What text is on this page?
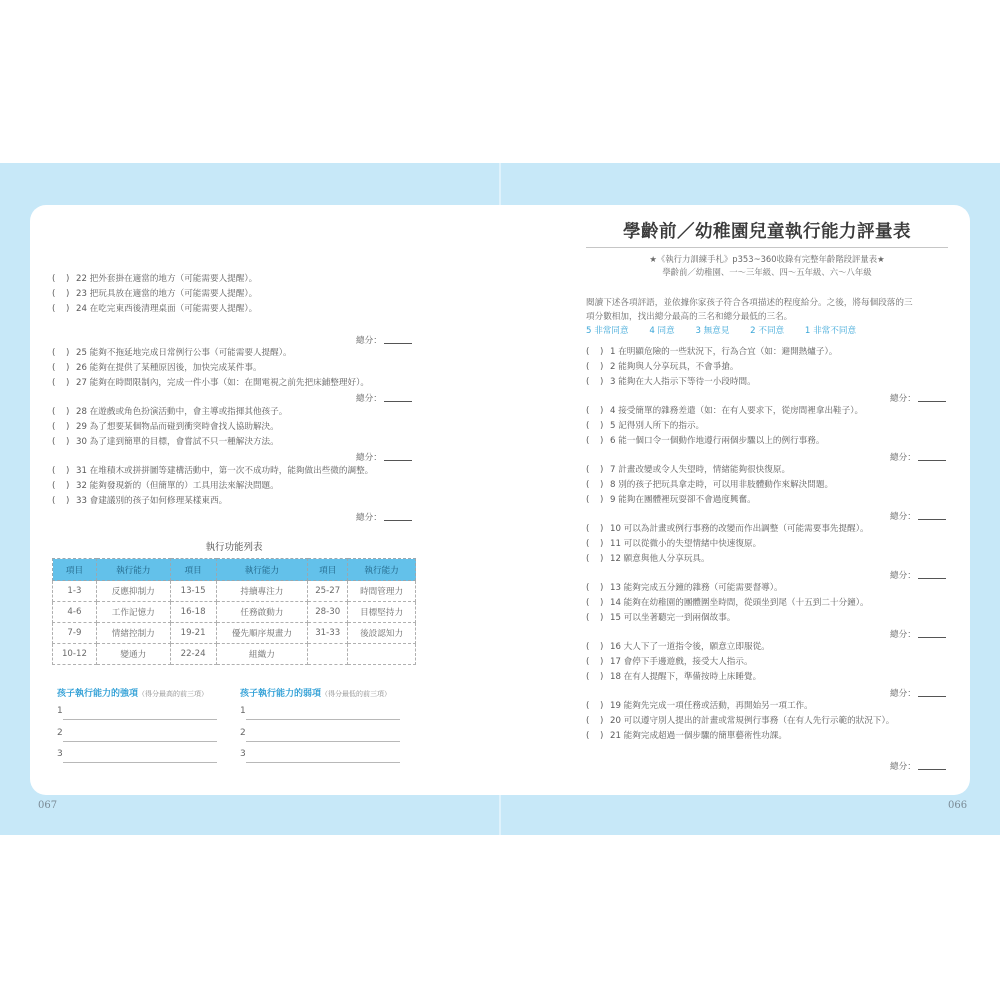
( ) 22 把外套掛在適當的地方（可能需要人提醒）。
( ) 23 把玩具放在適當的地方（可能需要人提醒）。
( ) 24 在吃完東西後清理桌面（可能需要人提醒）。
總分：
( ) 25 能夠不拖延地完成日常例行公事（可能需要人提醒）。
( ) 26 能夠在提供了某種原因後，加快完成某件事。
( ) 27 能夠在時間限制內，完成一件小事（如：在開電視之前先把床鋪整理好）。
總分：
( ) 28 在遊戲或角色扮演活動中，會主導或指揮其他孩子。
( ) 29 為了想要某個物品而碰到衝突時會找人協助解決。
( ) 30 為了達到簡單的目標，會嘗試不只一種解決方法。
總分：
( ) 31 在堆積木或拼拼圖等建構活動中，第一次不成功時，能夠做出些微的調整。
( ) 32 能夠發現新的（但簡單的）工具用法來解決問題。
( ) 33 會建議別的孩子如何修理某樣東西。
總分：
執行功能列表
項目	執行能力	項目	執行能力	項目	執行能力
1-3	反應抑制力	13-15	持續專注力	25-27	時間管理力
4-6	工作記憶力	16-18	任務啟動力	28-30	目標堅持力
7-9	情緒控制力	19-21	優先順序規畫力	31-33	後設認知力
10-12	變通力	22-24	組織力		
孩子執行能力的強項（得分最高的前三項）
1
2
3
孩子執行能力的弱項（得分最低的前三項）
1
2
3
學齡前／幼稚園兒童執行能力評量表
★《執行力訓練手札》p353~360收錄有完整年齡階段評量表★
學齡前／幼稚園、一～三年級、四～五年級、六～八年級
閱讀下述各項評語，並依據你家孩子符合各項描述的程度給分。之後，將每個段落的三
項分數相加，找出總分最高的三名和總分最低的三名。
5 非常同意 4 同意 3 無意見 2 不同意 1 非常不同意
( ) 1 在明顯危險的一些狀況下，行為合宜（如：避開熱爐子）。
( ) 2 能夠與人分享玩具，不會爭搶。
( ) 3 能夠在大人指示下等待一小段時間。
總分：
( ) 4 接受簡單的雜務差遣（如：在有人要求下，從房間裡拿出鞋子）。
( ) 5 記得別人所下的指示。
( ) 6 能一個口令一個動作地遵行兩個步驟以上的例行事務。
總分：
( ) 7 計畫改變或令人失望時，情緒能夠很快復原。
( ) 8 別的孩子把玩具拿走時，可以用非肢體動作來解決問題。
( ) 9 能夠在團體裡玩耍卻不會過度興奮。
總分：
( ) 10 可以為計畫或例行事務的改變而作出調整（可能需要事先提醒）。
( ) 11 可以從微小的失望情緒中快速復原。
( ) 12 願意與他人分享玩具。
總分：
( ) 13 能夠完成五分鐘的雜務（可能需要督導）。
( ) 14 能夠在幼稚園的團體圍坐時間，從頭坐到尾（十五到二十分鐘）。
( ) 15 可以坐著聽完一到兩個故事。
總分：
( ) 16 大人下了一道指令後，願意立即服從。
( ) 17 會停下手邊遊戲，接受大人指示。
( ) 18 在有人提醒下，準備按時上床睡覺。
總分：
( ) 19 能夠先完成一項任務或活動，再開始另一項工作。
( ) 20 可以遵守別人提出的計畫或常規例行事務（在有人先行示範的狀況下）。
( ) 21 能夠完成超過一個步驟的簡單藝術性功課。
總分：
067	066
